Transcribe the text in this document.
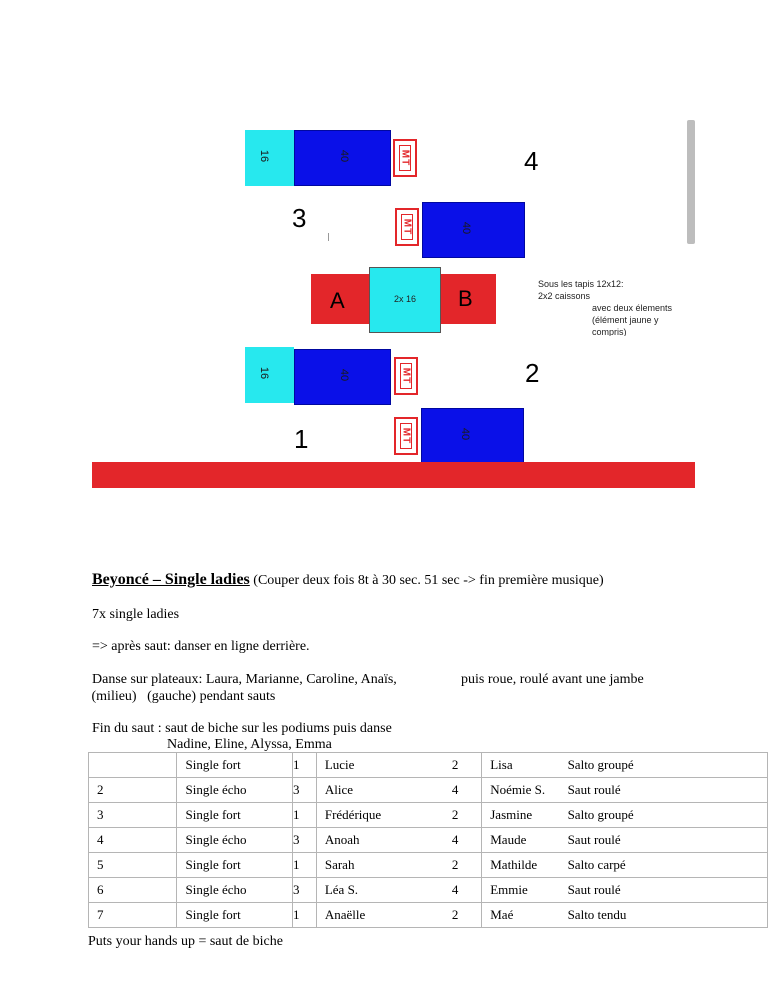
16	40	MT	4
3	MT	40
A	2x 16 B
Sous les tapis 12x12:
2x2 caissons
avec deux élements
(élément jaune y
compris)
16	40	MT	2
1	MT	40
Beyoncé – Single ladies (Couper deux fois 8t à 30 sec. 51 sec -> fin première musique)
7x single ladies
=> après saut: danser en ligne derrière.
Danse sur plateaux: Laura, Marianne, Caroline, Anaïs,
(milieu)   (gauche) pendant sauts
puis roue, roulé avant une jambe
Fin du saut : saut de biche sur les podiums puis danse
Nadine, Eline, Alyssa, Emma
	Single fort	1	Lucie	2	Lisa	Salto groupé
2	Single écho	3	Alice	4	Noémie S.	Saut roulé
3	Single fort	1	Frédérique	2	Jasmine	Salto groupé
4	Single écho	3	Anoah	4	Maude	Saut roulé
5	Single fort	1	Sarah	2	Mathilde	Salto carpé
6	Single écho	3	Léa S.	4	Emmie	Saut roulé
7	Single fort	1	Anaëlle	2	Maé	Salto tendu
Puts your hands up = saut de biche
